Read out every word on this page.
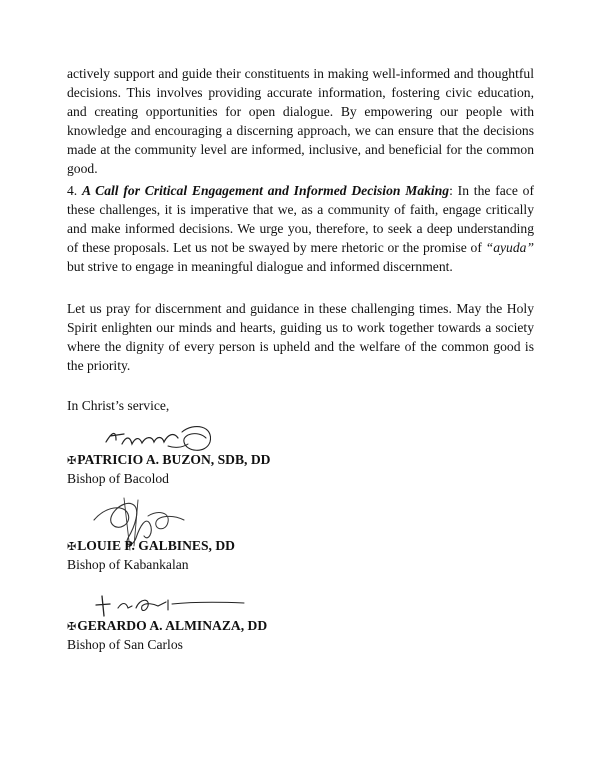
actively support and guide their constituents in making well-informed and thoughtful decisions. This involves providing accurate information, fostering civic education, and creating opportunities for open dialogue. By empowering our people with knowledge and encouraging a discerning approach, we can ensure that the decisions made at the community level are informed, inclusive, and beneficial for the common good.

4. A Call for Critical Engagement and Informed Decision Making: In the face of these challenges, it is imperative that we, as a community of faith, engage critically and make informed decisions. We urge you, therefore, to seek a deep understanding of these proposals. Let us not be swayed by mere rhetoric or the promise of “ayuda” but strive to engage in meaningful dialogue and informed discernment.

Let us pray for discernment and guidance in these challenging times. May the Holy Spirit enlighten our minds and hearts, guiding us to work together towards a society where the dignity of every person is upheld and the welfare of the common good is the priority.

In Christ’s service,

✠PATRICIO A. BUZON, SDB, DD
Bishop of Bacolod
✠LOUIE P. GALBINES, DD
Bishop of Kabankalan
✠GERARDO A. ALMINAZA, DD
Bishop of San Carlos
